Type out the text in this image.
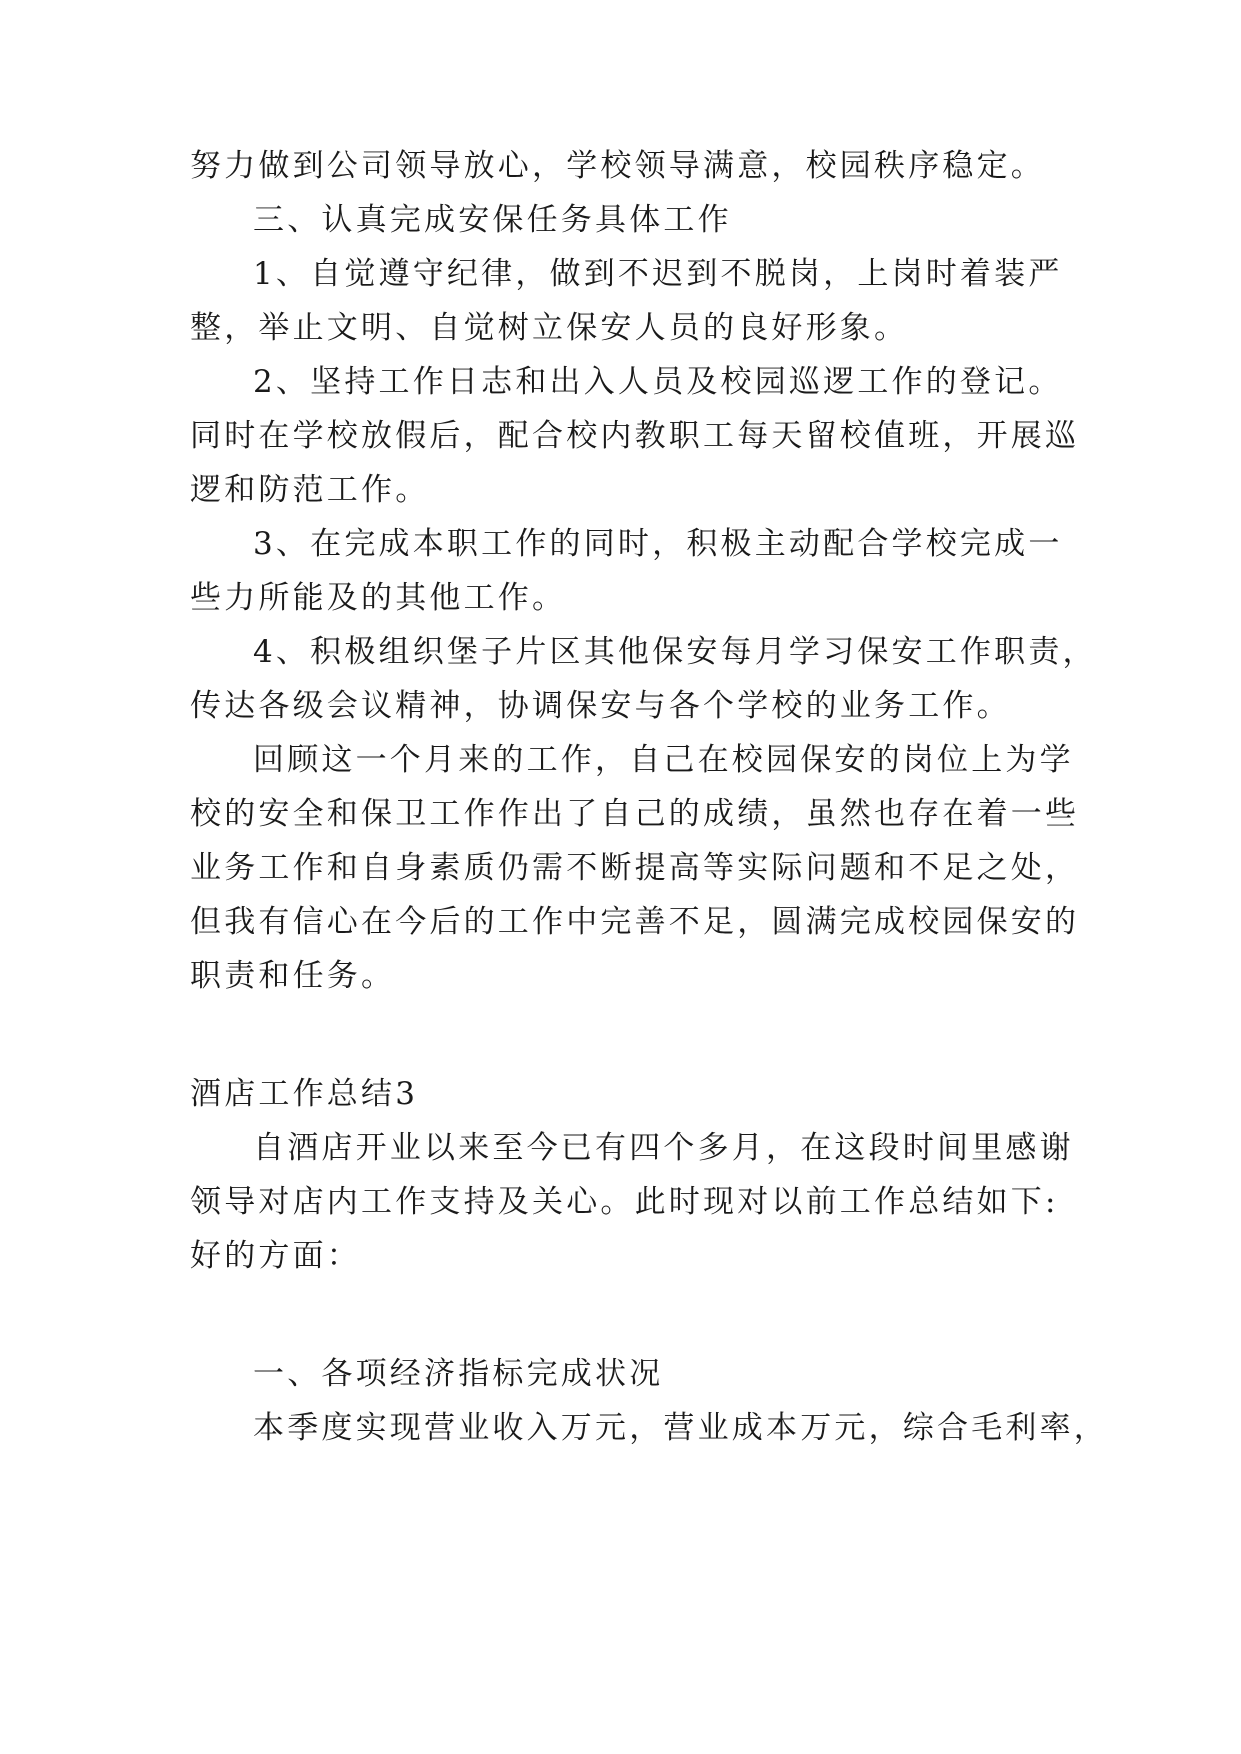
努力做到公司领导放心，学校领导满意，校园秩序稳定。
三、认真完成安保任务具体工作
1、自觉遵守纪律，做到不迟到不脱岗，上岗时着装严
整，举止文明、自觉树立保安人员的良好形象。
2、坚持工作日志和出入人员及校园巡逻工作的登记。
同时在学校放假后，配合校内教职工每天留校值班，开展巡
逻和防范工作。
3、在完成本职工作的同时，积极主动配合学校完成一
些力所能及的其他工作。
4、积极组织堡子片区其他保安每月学习保安工作职责，
传达各级会议精神，协调保安与各个学校的业务工作。
回顾这一个月来的工作，自己在校园保安的岗位上为学
校的安全和保卫工作作出了自己的成绩，虽然也存在着一些
业务工作和自身素质仍需不断提高等实际问题和不足之处，
但我有信心在今后的工作中完善不足，圆满完成校园保安的
职责和任务。
酒店工作总结3
自酒店开业以来至今已有四个多月，在这段时间里感谢
领导对店内工作支持及关心。此时现对以前工作总结如下:
好的方面：
一、各项经济指标完成状况
本季度实现营业收入万元，营业成本万元，综合毛利率，
